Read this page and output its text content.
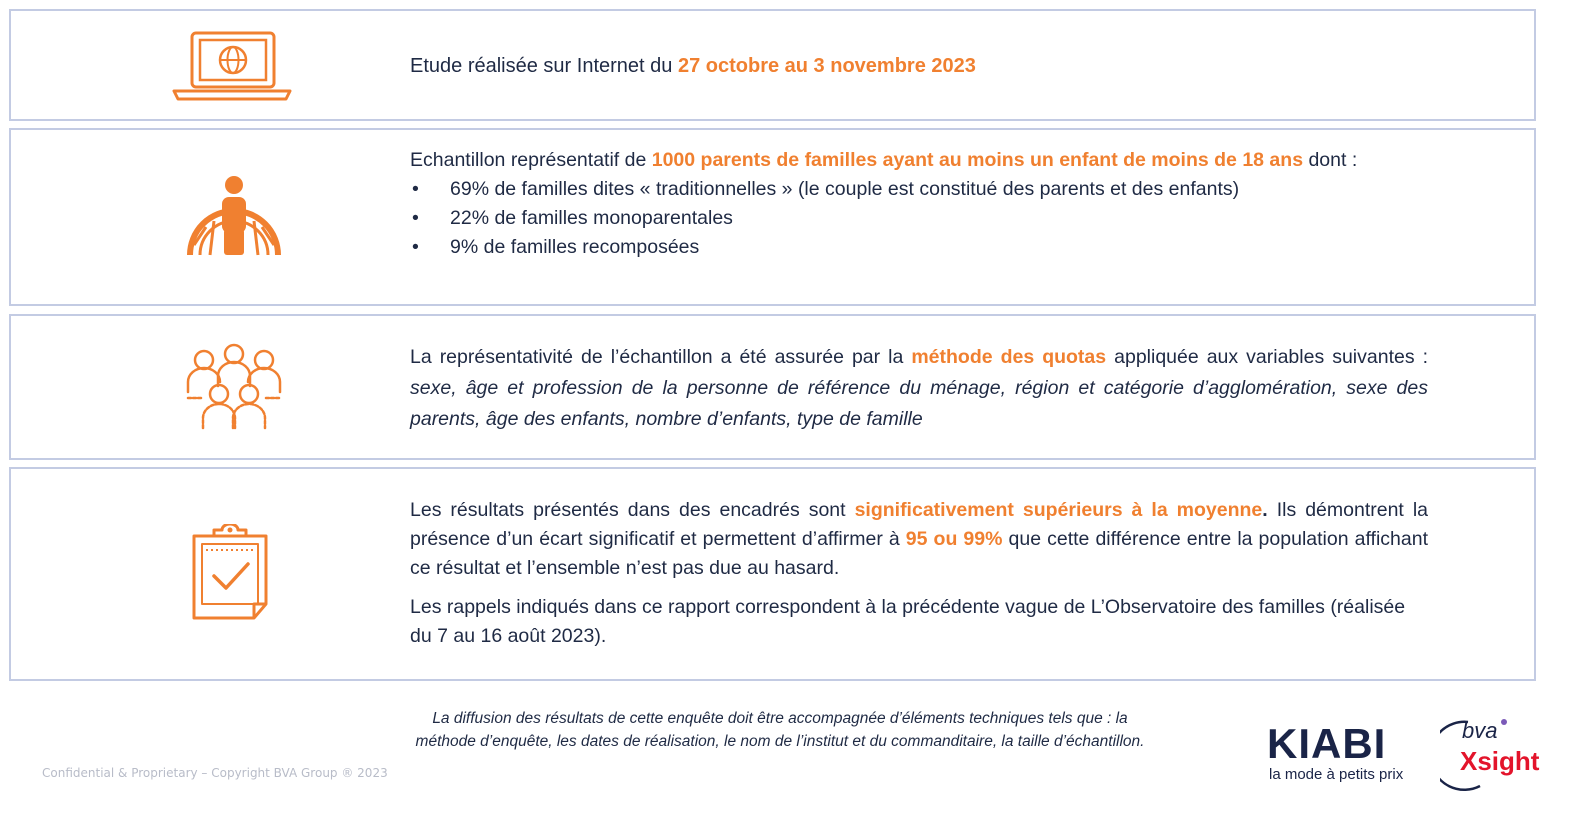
Etude réalisée sur Internet du 27 octobre au 3 novembre 2023
Echantillon représentatif de 1000 parents de familles ayant au moins un enfant de moins de 18 ans dont :
• 69% de familles dites « traditionnelles » (le couple est constitué des parents et des enfants)
• 22% de familles monoparentales
• 9% de familles recomposées
La représentativité de l’échantillon a été assurée par la méthode des quotas appliquée aux variables suivantes : sexe, âge et profession de la personne de référence du ménage, région et catégorie d’agglomération, sexe des parents, âge des enfants, nombre d’enfants, type de famille
Les résultats présentés dans des encadrés sont significativement supérieurs à la moyenne. Ils démontrent la présence d’un écart significatif et permettent d’affirmer à 95 ou 99% que cette différence entre la population affichant ce résultat et l’ensemble n’est pas due au hasard.
Les rappels indiqués dans ce rapport correspondent à la précédente vague de L’Observatoire des familles (réalisée du 7 au 16 août 2023).
La diffusion des résultats de cette enquête doit être accompagnée d’éléments techniques tels que : la
méthode d’enquête, les dates de réalisation, le nom de l’institut et du commanditaire, la taille d’échantillon.
Confidential & Proprietary – Copyright BVA Group ® 2023
KIABI
la mode à petits prix
bva
Xsight
